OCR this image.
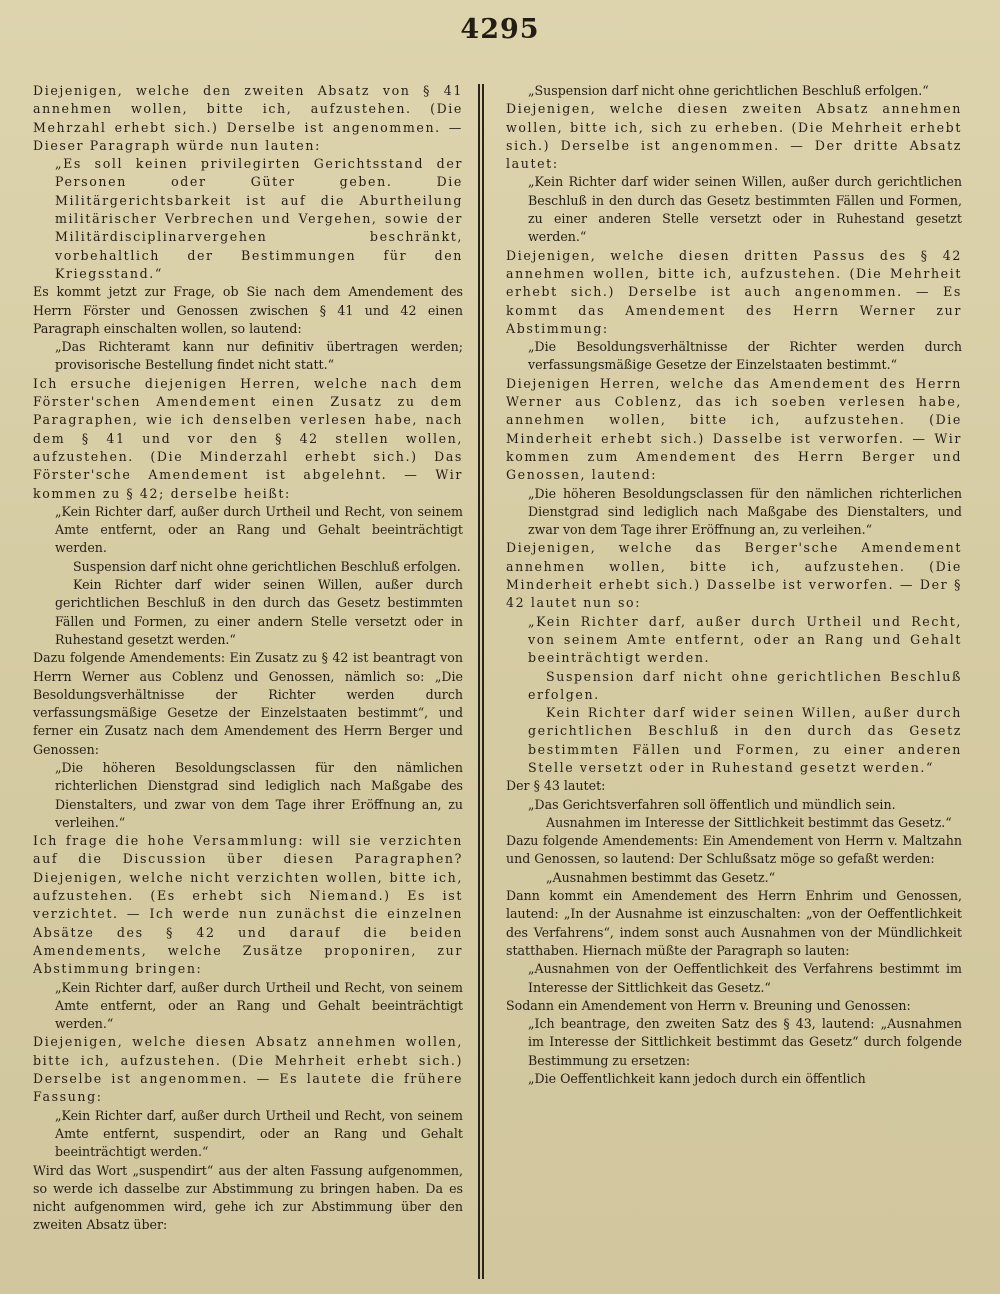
4295

Diejenigen, welche den zweiten Absatz von § 41 annehmen wollen, bitte ich, aufzustehen. (Die Mehrzahl erhebt sich.) Derselbe ist angenommen. — Dieser Paragraph würde nun lauten:

„Es soll keinen privilegirten Gerichtsstand der Personen oder Güter geben. Die Militärgerichtsbarkeit ist auf die Aburtheilung militärischer Verbrechen und Vergehen, sowie der Militärdisciplinarvergehen beschränkt, vorbehaltlich der Bestimmungen für den Kriegsstand.“

Es kommt jetzt zur Frage, ob Sie nach dem Amendement des Herrn Förster und Genossen zwischen § 41 und 42 einen Paragraph einschalten wollen, so lautend:

„Das Richteramt kann nur definitiv übertragen werden; provisorische Bestellung findet nicht statt.“

Ich ersuche diejenigen Herren, welche nach dem Förster'schen Amendement einen Zusatz zu dem Paragraphen, wie ich denselben verlesen habe, nach dem § 41 und vor den § 42 stellen wollen, aufzustehen. (Die Minderzahl erhebt sich.) Das Förster'sche Amendement ist abgelehnt. — Wir kommen zu § 42; derselbe heißt:

„Kein Richter darf, außer durch Urtheil und Recht, von seinem Amte entfernt, oder an Rang und Gehalt beeinträchtigt werden.

Suspension darf nicht ohne gerichtlichen Beschluß erfolgen.

Kein Richter darf wider seinen Willen, außer durch gerichtlichen Beschluß in den durch das Gesetz bestimmten Fällen und Formen, zu einer andern Stelle versetzt oder in Ruhestand gesetzt werden.“

Dazu folgende Amendements: Ein Zusatz zu § 42 ist beantragt von Herrn Werner aus Coblenz und Genossen, nämlich so: „Die Besoldungsverhältnisse der Richter werden durch verfassungsmäßige Gesetze der Einzelstaaten bestimmt“, und ferner ein Zusatz nach dem Amendement des Herrn Berger und Genossen:

„Die höheren Besoldungsclassen für den nämlichen richterlichen Dienstgrad sind lediglich nach Maßgabe des Dienstalters, und zwar von dem Tage ihrer Eröffnung an, zu verleihen.“

Ich frage die hohe Versammlung: will sie verzichten auf die Discussion über diesen Paragraphen? Diejenigen, welche nicht verzichten wollen, bitte ich, aufzustehen. (Es erhebt sich Niemand.) Es ist verzichtet. — Ich werde nun zunächst die einzelnen Absätze des § 42 und darauf die beiden Amendements, welche Zusätze proponiren, zur Abstimmung bringen:

„Kein Richter darf, außer durch Urtheil und Recht, von seinem Amte entfernt, oder an Rang und Gehalt beeinträchtigt werden.“

Diejenigen, welche diesen Absatz annehmen wollen, bitte ich, aufzustehen. (Die Mehrheit erhebt sich.) Derselbe ist angenommen. — Es lautete die frühere Fassung:

„Kein Richter darf, außer durch Urtheil und Recht, von seinem Amte entfernt, suspendirt, oder an Rang und Gehalt beeinträchtigt werden.“

Wird das Wort „suspendirt“ aus der alten Fassung aufgenommen, so werde ich dasselbe zur Abstimmung zu bringen haben. Da es nicht aufgenommen wird, gehe ich zur Abstimmung über den zweiten Absatz über:

„Suspension darf nicht ohne gerichtlichen Beschluß erfolgen.“

Diejenigen, welche diesen zweiten Absatz annehmen wollen, bitte ich, sich zu erheben. (Die Mehrheit erhebt sich.) Derselbe ist angenommen. — Der dritte Absatz lautet:

„Kein Richter darf wider seinen Willen, außer durch gerichtlichen Beschluß in den durch das Gesetz bestimmten Fällen und Formen, zu einer anderen Stelle versetzt oder in Ruhestand gesetzt werden.“

Diejenigen, welche diesen dritten Passus des § 42 annehmen wollen, bitte ich, aufzustehen. (Die Mehrheit erhebt sich.) Derselbe ist auch angenommen. — Es kommt das Amendement des Herrn Werner zur Abstimmung:

„Die Besoldungsverhältnisse der Richter werden durch verfassungsmäßige Gesetze der Einzelstaaten bestimmt.“

Diejenigen Herren, welche das Amendement des Herrn Werner aus Coblenz, das ich soeben verlesen habe, annehmen wollen, bitte ich, aufzustehen. (Die Minderheit erhebt sich.) Dasselbe ist verworfen. — Wir kommen zum Amendement des Herrn Berger und Genossen, lautend:

„Die höheren Besoldungsclassen für den nämlichen richterlichen Dienstgrad sind lediglich nach Maßgabe des Dienstalters, und zwar von dem Tage ihrer Eröffnung an, zu verleihen.“

Diejenigen, welche das Berger'sche Amendement annehmen wollen, bitte ich, aufzustehen. (Die Minderheit erhebt sich.) Dasselbe ist verworfen. — Der § 42 lautet nun so:

„Kein Richter darf, außer durch Urtheil und Recht, von seinem Amte entfernt, oder an Rang und Gehalt beeinträchtigt werden.

Suspension darf nicht ohne gerichtlichen Beschluß erfolgen.

Kein Richter darf wider seinen Willen, außer durch gerichtlichen Beschluß in den durch das Gesetz bestimmten Fällen und Formen, zu einer anderen Stelle versetzt oder in Ruhestand gesetzt werden.“

Der § 43 lautet:

„Das Gerichtsverfahren soll öffentlich und mündlich sein.

Ausnahmen im Interesse der Sittlichkeit bestimmt das Gesetz.“

Dazu folgende Amendements: Ein Amendement von Herrn v. Maltzahn und Genossen, so lautend: Der Schlußsatz möge so gefaßt werden:

„Ausnahmen bestimmt das Gesetz.“

Dann kommt ein Amendement des Herrn Enhrim und Genossen, lautend: „In der Ausnahme ist einzuschalten: „von der Oeffentlichkeit des Verfahrens“, indem sonst auch Ausnahmen von der Mündlichkeit statthaben. Hiernach müßte der Paragraph so lauten:

„Ausnahmen von der Oeffentlichkeit des Verfahrens bestimmt im Interesse der Sittlichkeit das Gesetz.“

Sodann ein Amendement von Herrn v. Breuning und Genossen:

„Ich beantrage, den zweiten Satz des § 43, lautend: „Ausnahmen im Interesse der Sittlichkeit bestimmt das Gesetz“ durch folgende Bestimmung zu ersetzen:

„Die Oeffentlichkeit kann jedoch durch ein öffentlich
